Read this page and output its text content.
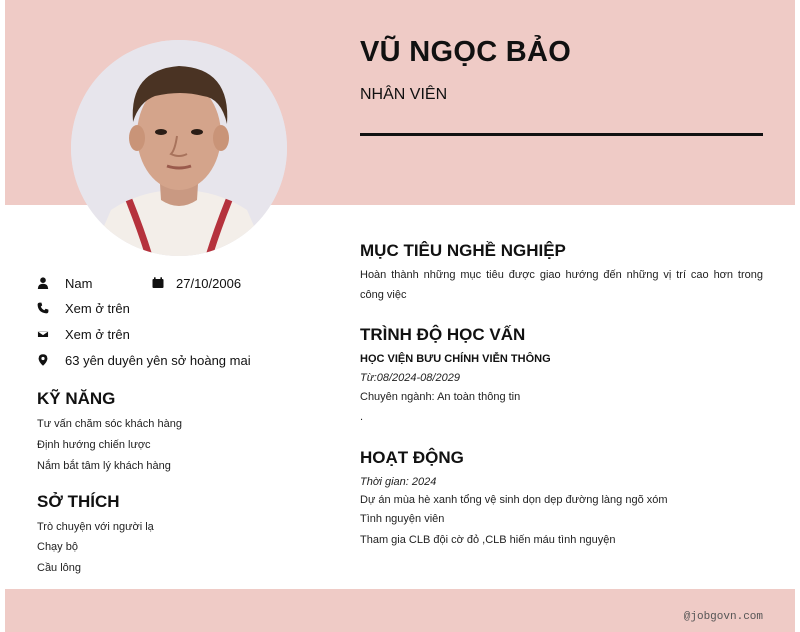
VŨ NGỌC BẢO
NHÂN VIÊN
Nam	27/10/2006
Xem ở trên
Xem ở trên
63 yên duyên yên sở hoàng mai
KỸ NĂNG
Tư vấn chăm sóc khách hàng
Định hướng chiến lược
Nắm bắt tâm lý khách hàng
SỞ THÍCH
Trò chuyện với người lạ
Chạy bộ
Cầu lông
MỤC TIÊU NGHỀ NGHIỆP
Hoàn thành những mục tiêu được giao hướng đến những vị trí cao hơn trong công việc
TRÌNH ĐỘ HỌC VẤN
HỌC VIỆN BƯU CHÍNH VIỄN THÔNG
Từ:08/2024-08/2029
Chuyên ngành: An toàn thông tin
.
HOẠT ĐỘNG
Thời gian: 2024
Dự án mùa hè xanh tổng vệ sinh dọn dẹp đường làng ngõ xóm
Tình nguyện viên
Tham gia CLB đội cờ đỏ ,CLB hiến máu tình nguyện
@jobgovn.com
